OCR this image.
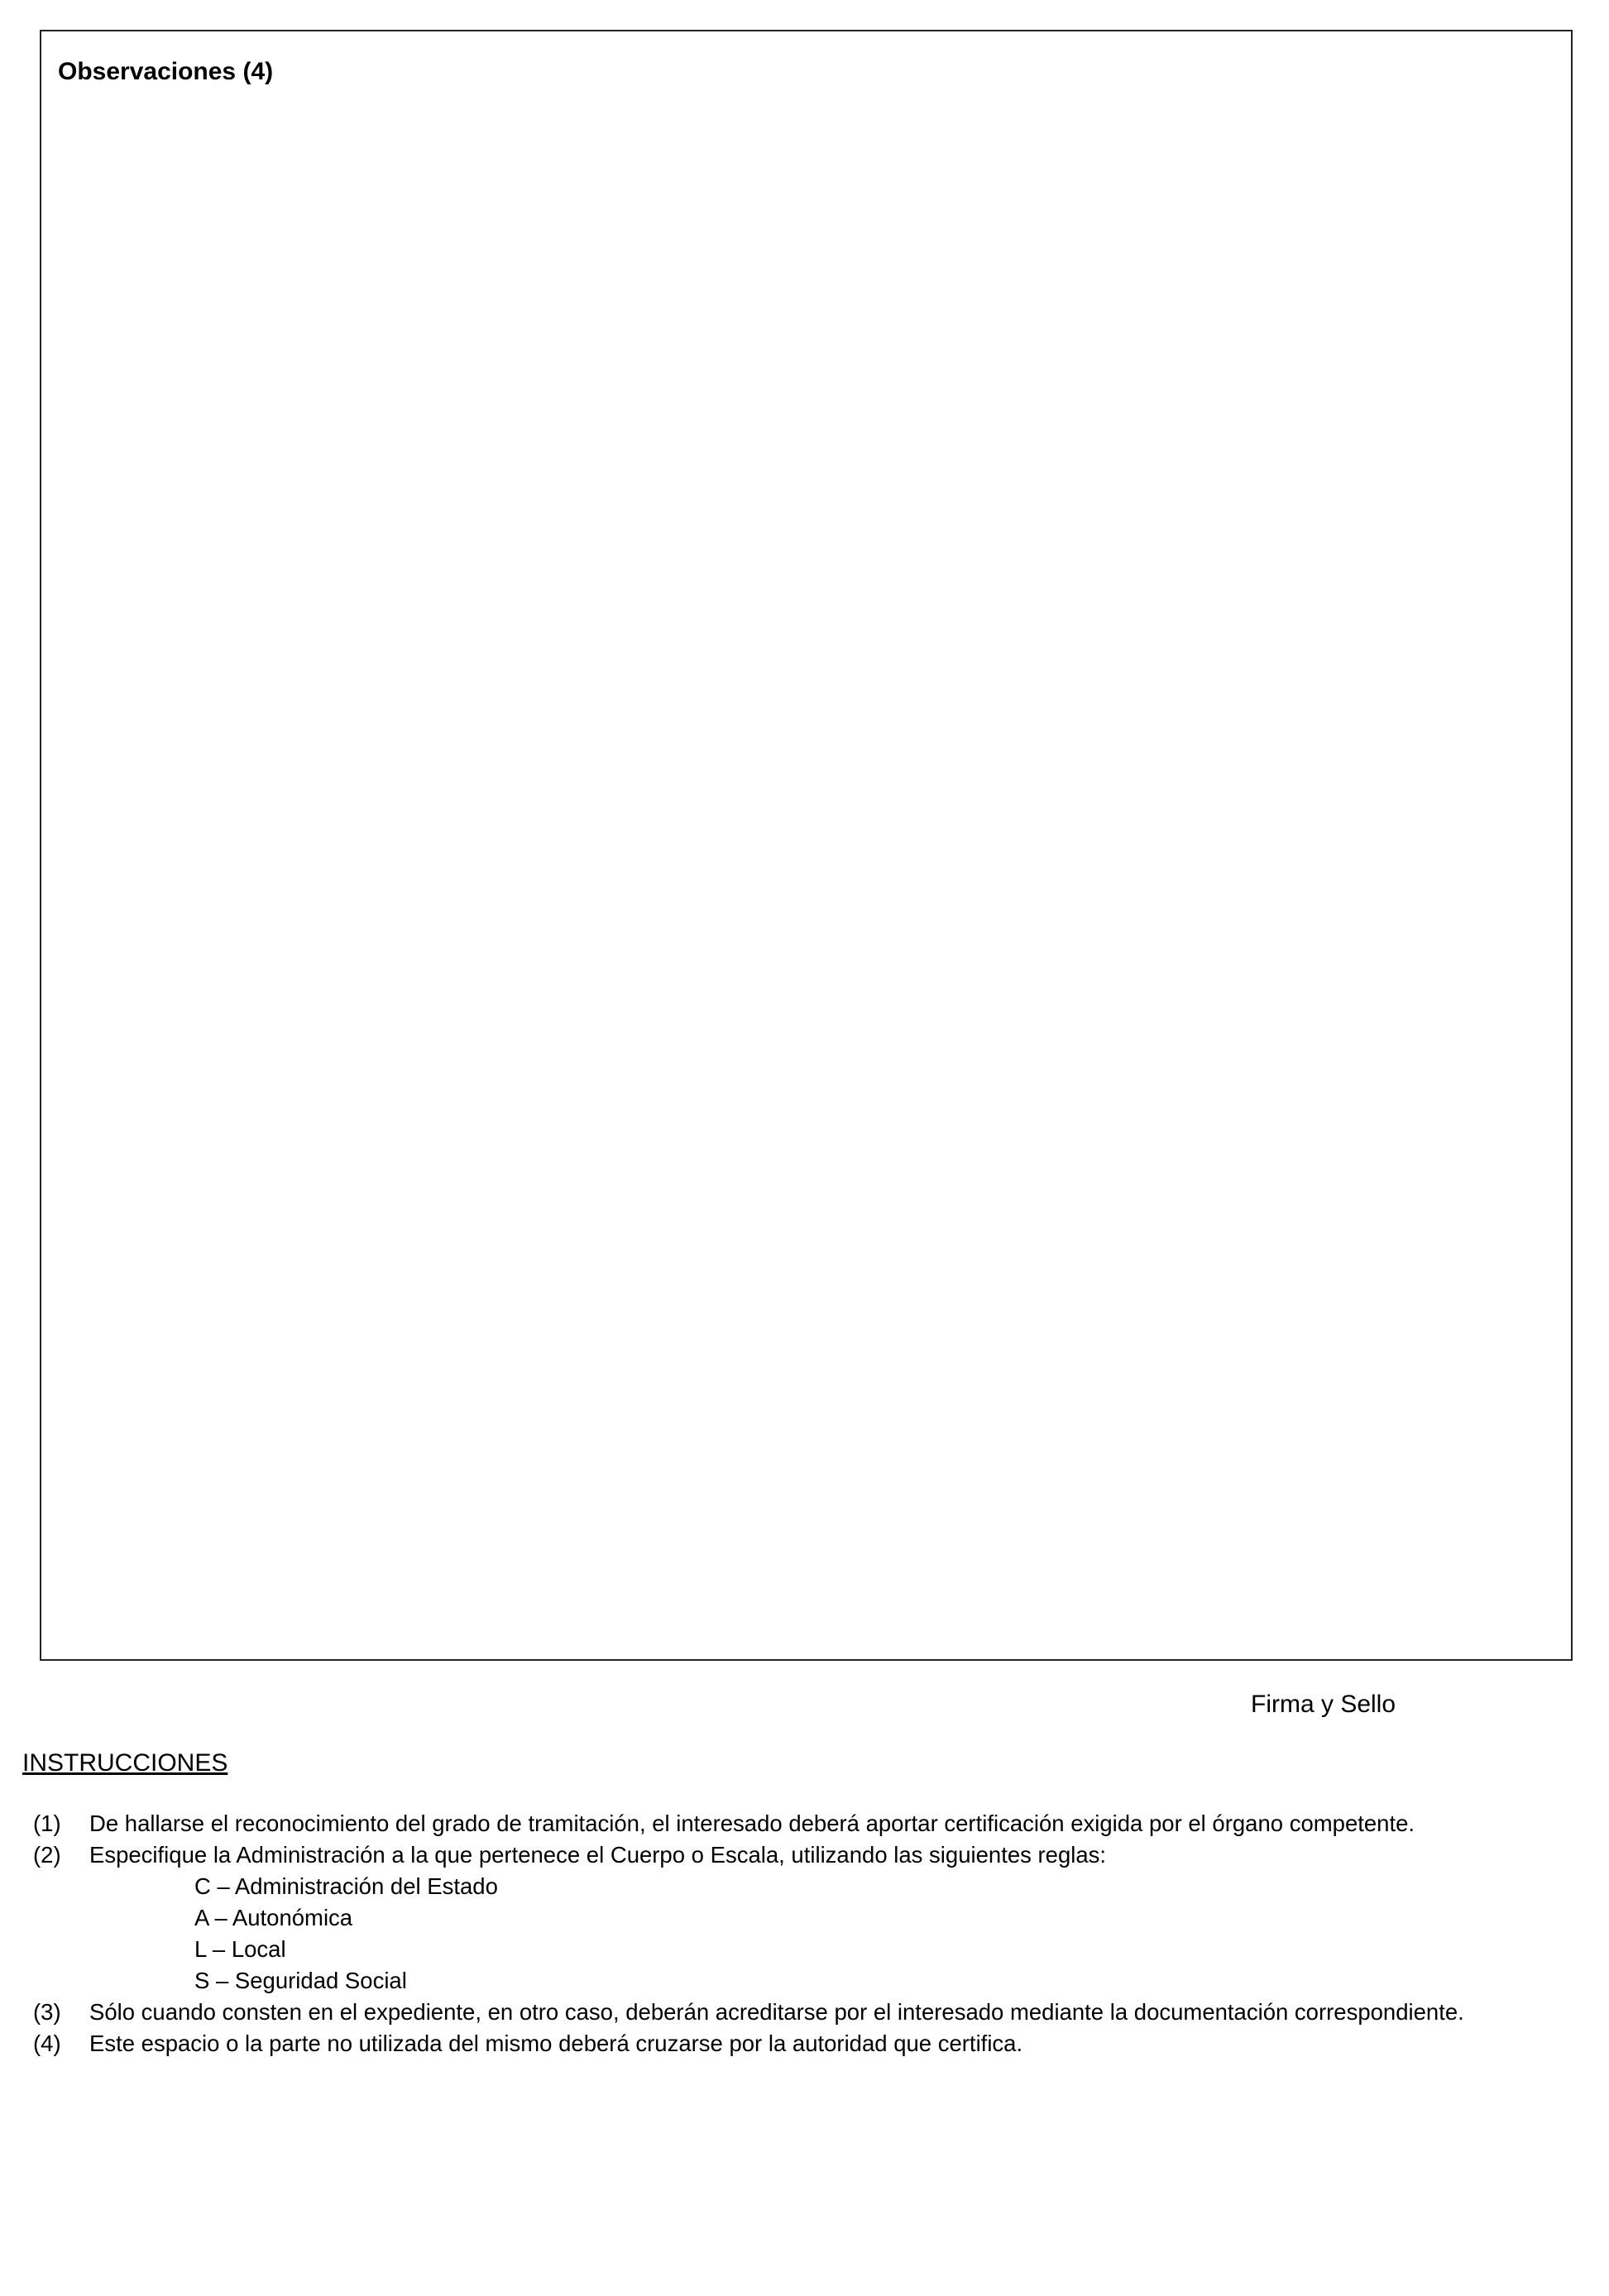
Observaciones (4)
Firma y Sello
INSTRUCCIONES
(1)	De hallarse el reconocimiento del grado de tramitación, el interesado deberá aportar certificación exigida por el órgano competente.
(2)	Especifique la Administración a la que pertenece el Cuerpo o Escala, utilizando las siguientes reglas:
C – Administración del Estado
A – Autonómica
L – Local
S – Seguridad Social
(3)	Sólo cuando consten en el expediente, en otro caso, deberán acreditarse por el interesado mediante la documentación correspondiente.
(4)	Este espacio o la parte no utilizada del mismo deberá cruzarse por la autoridad que certifica.
